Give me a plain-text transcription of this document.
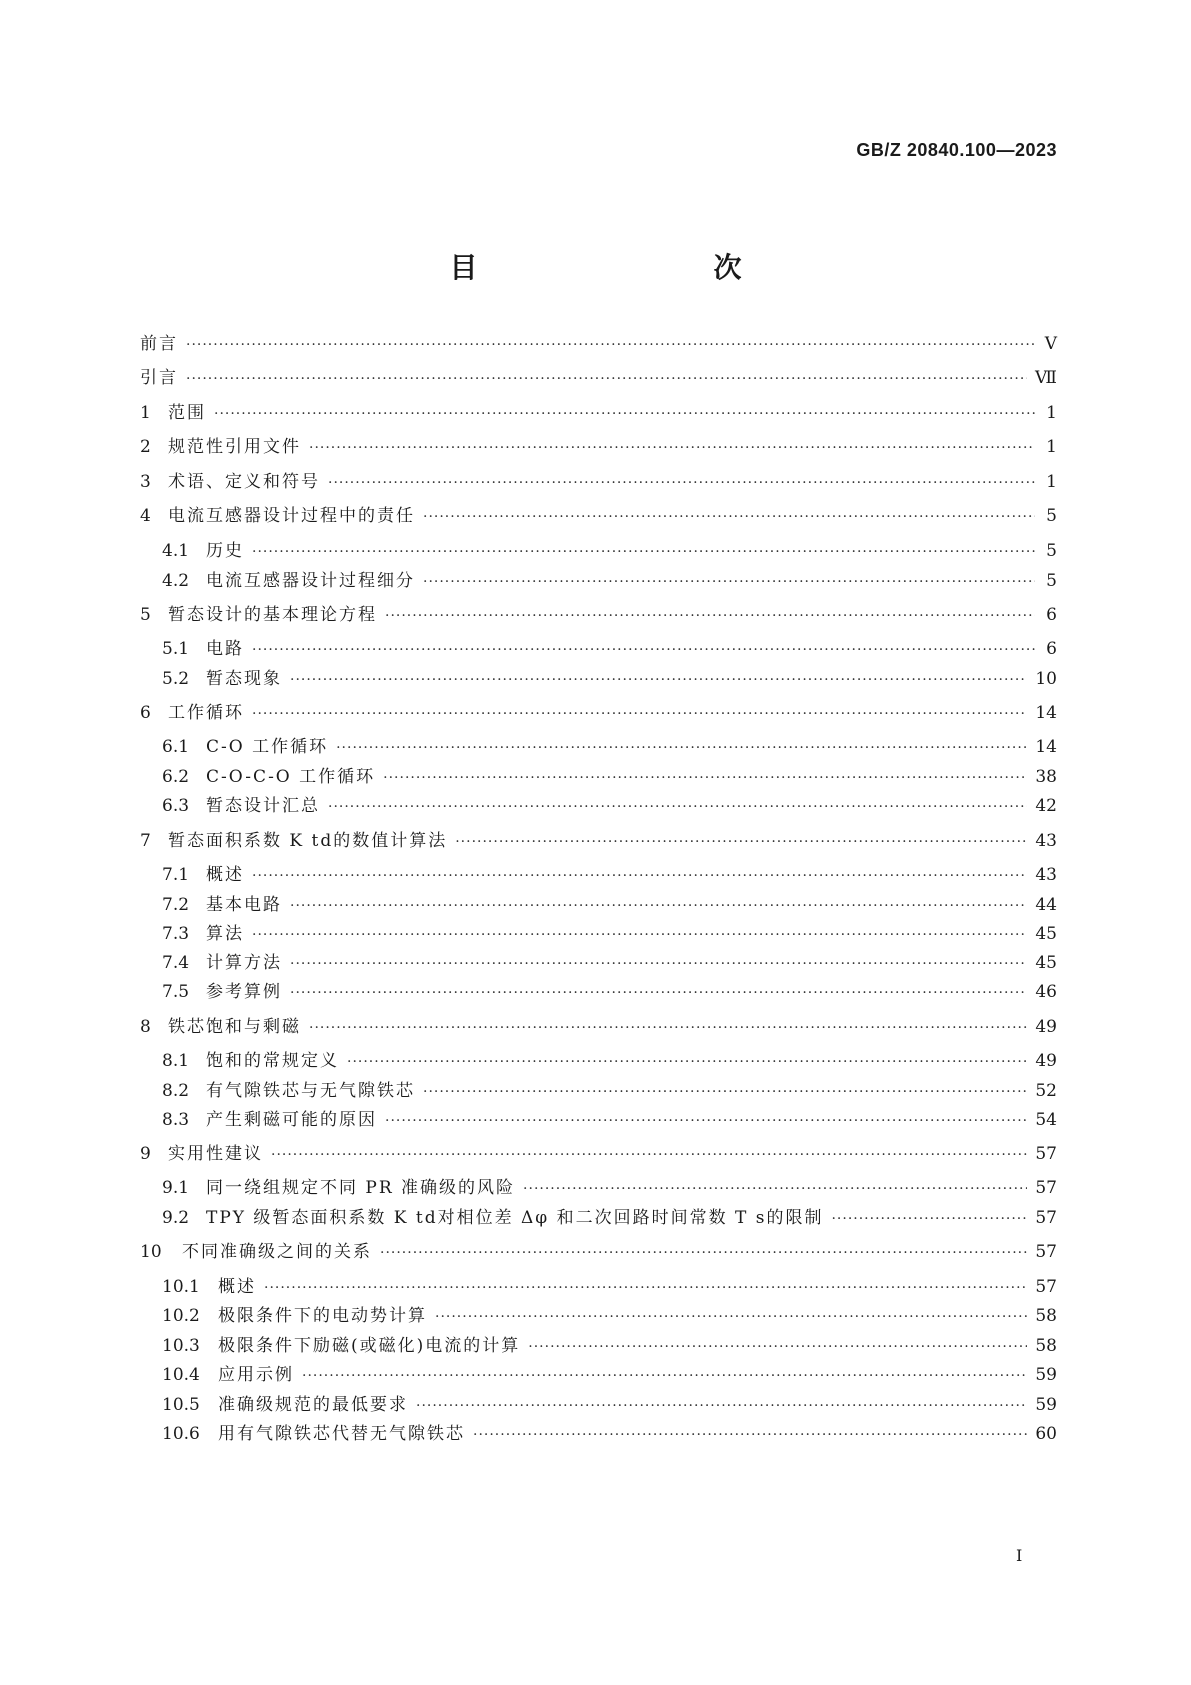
GB/Z 20840.100—2023
目　　次
前言 ·····	Ⅴ
引言 ·····	Ⅶ
1	范围 ·····	1
2	规范性引用文件 ·····	1
3	术语、定义和符号 ·····	1
4	电流互感器设计过程中的责任 ·····	5
4.1 历史 ·····	5
4.2 电流互感器设计过程细分 ·····	5
5	暂态设计的基本理论方程 ·····	6
5.1 电路 ·····	6
5.2 暂态现象 ·····	10
6	工作循环 ·····	14
6.1 C-O 工作循环 ·····	14
6.2 C-O-C-O 工作循环 ·····	38
6.3 暂态设计汇总 ·····	42
7	暂态面积系数 K td的数值计算法 ·····	43
7.1 概述 ·····	43
7.2 基本电路 ·····	44
7.3 算法 ·····	45
7.4 计算方法 ·····	45
7.5 参考算例 ·····	46
8	铁芯饱和与剩磁 ·····	49
8.1 饱和的常规定义 ·····	49
8.2 有气隙铁芯与无气隙铁芯 ·····	52
8.3 产生剩磁可能的原因 ·····	54
9	实用性建议 ·····	57
9.1 同一绕组规定不同 PR 准确级的风险 ·····	57
9.2 TPY 级暂态面积系数 K td对相位差 Δφ 和二次回路时间常数 T s的限制 ·····	57
10	不同准确级之间的关系 ·····	57
10.1	概述 ·····	57
10.2	极限条件下的电动势计算 ·····	58
10.3	极限条件下励磁(或磁化)电流的计算 ·····	58
10.4	应用示例 ·····	59
10.5	准确级规范的最低要求 ·····	59
10.6	用有气隙铁芯代替无气隙铁芯 ·····	60
I
